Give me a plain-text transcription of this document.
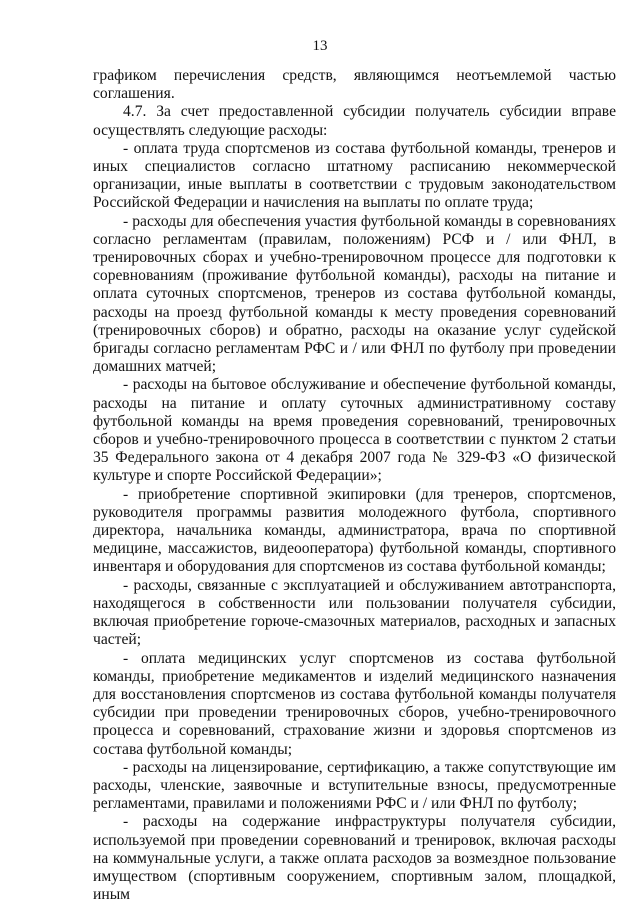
13

графиком перечисления средств, являющимся неотъемлемой частью соглашения.

4.7. За счет предоставленной субсидии получатель субсидии вправе осуществлять следующие расходы:

- оплата труда спортсменов из состава футбольной команды, тренеров и иных специалистов согласно штатному расписанию некоммерческой организации, иные выплаты в соответствии с трудовым законодательством Российской Федерации и начисления на выплаты по оплате труда;

- расходы для обеспечения участия футбольной команды в соревнованиях согласно регламентам (правилам, положениям) РСФ и / или ФНЛ, в тренировочных сборах и учебно-тренировочном процессе для подготовки к соревнованиям (проживание футбольной команды), расходы на питание и оплата суточных спортсменов, тренеров из состава футбольной команды, расходы на проезд футбольной команды к месту проведения соревнований (тренировочных сборов) и обратно, расходы на оказание услуг судейской бригады согласно регламентам РФС и / или ФНЛ по футболу при проведении домашних матчей;

- расходы на бытовое обслуживание и обеспечение футбольной команды, расходы на питание и оплату суточных административному составу футбольной команды на время проведения соревнований, тренировочных сборов и учебно-тренировочного процесса в соответствии с пунктом 2 статьи 35 Федерального закона от 4 декабря 2007 года № 329-ФЗ «О физической культуре и спорте Российской Федерации»;

- приобретение спортивной экипировки (для тренеров, спортсменов, руководителя программы развития молодежного футбола, спортивного директора, начальника команды, администратора, врача по спортивной медицине, массажистов, видеооператора) футбольной команды, спортивного инвентаря и оборудования для спортсменов из состава футбольной команды;

- расходы, связанные с эксплуатацией и обслуживанием автотранспорта, находящегося в собственности или пользовании получателя субсидии, включая приобретение горюче-смазочных материалов, расходных и запасных частей;

- оплата медицинских услуг спортсменов из состава футбольной команды, приобретение медикаментов и изделий медицинского назначения для восстановления спортсменов из состава футбольной команды получателя субсидии при проведении тренировочных сборов, учебно-тренировочного процесса и соревнований, страхование жизни и здоровья спортсменов из состава футбольной команды;

- расходы на лицензирование, сертификацию, а также сопутствующие им расходы, членские, заявочные и вступительные взносы, предусмотренные регламентами, правилами и положениями РФС и / или ФНЛ по футболу;

- расходы на содержание инфраструктуры получателя субсидии, используемой при проведении соревнований и тренировок, включая расходы на коммунальные услуги, а также оплата расходов за возмездное пользование имуществом (спортивным сооружением, спортивным залом, площадкой, иным
